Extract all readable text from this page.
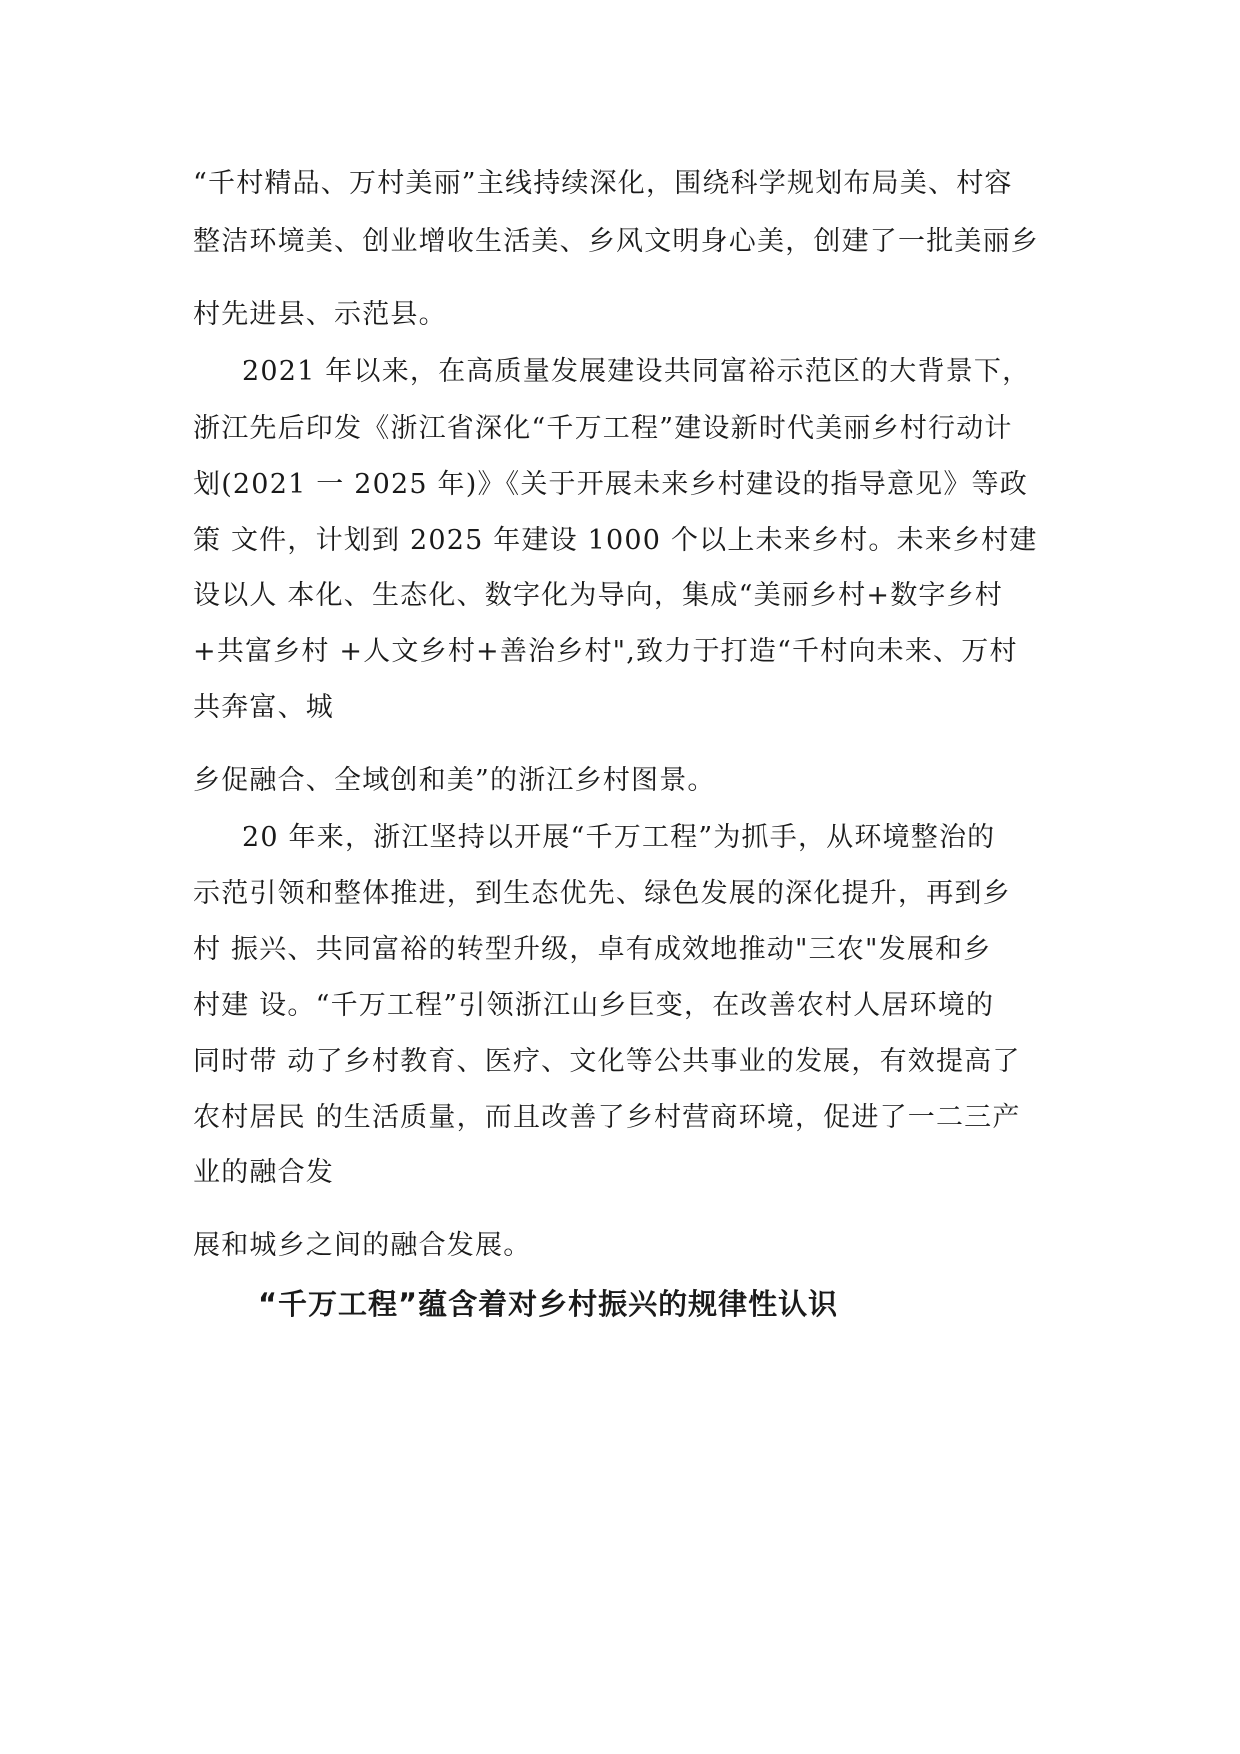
“千村精品、万村美丽”主线持续深化，围绕科学规划布局美、村容
整洁环境美、创业增收生活美、乡风文明身心美，创建了一批美丽乡
村先进县、示范县。
2021 年以来，在高质量发展建设共同富裕示范区的大背景下，
浙江先后印发《浙江省深化“千万工程”建设新时代美丽乡村行动计
划(2021 一 2025 年)》《关于开展未来乡村建设的指导意见》等政
策 文件，计划到 2025 年建设 1000 个以上未来乡村。未来乡村建
设以人 本化、生态化、数字化为导向，集成“美丽乡村+数字乡村
+共富乡村 +人文乡村+善治乡村",致力于打造“千村向未来、万村
共奔富、城
乡促融合、全域创和美”的浙江乡村图景。
20 年来，浙江坚持以开展“千万工程”为抓手，从环境整治的
示范引领和整体推进，到生态优先、绿色发展的深化提升，再到乡
村 振兴、共同富裕的转型升级，卓有成效地推动"三农"发展和乡
村建 设。“千万工程”引领浙江山乡巨变，在改善农村人居环境的
同时带 动了乡村教育、医疗、文化等公共事业的发展，有效提高了
农村居民 的生活质量，而且改善了乡村营商环境，促进了一二三产
业的融合发
展和城乡之间的融合发展。
“千万工程”蕴含着对乡村振兴的规律性认识
